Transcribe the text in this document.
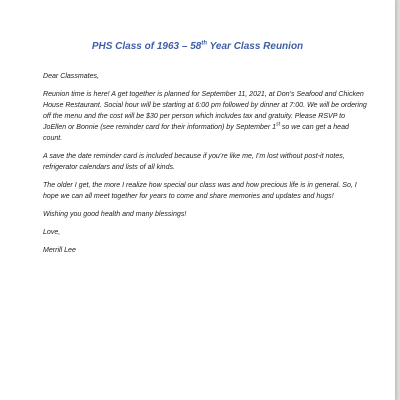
PHS Class of 1963 – 58th Year Class Reunion

Dear Classmates,

Reunion time is here! A get together is planned for September 11, 2021, at Don’s Seafood and Chicken House Restaurant. Social hour will be starting at 6:00 pm followed by dinner at 7:00. We will be ordering off the menu and the cost will be $30 per person which includes tax and gratuity. Please RSVP to JoEllen or Bonnie (see reminder card for their information) by September 1st so we can get a head count.

A save the date reminder card is included because if you’re like me, I’m lost without post-it notes, refrigerator calendars and lists of all kinds.

The older I get, the more I realize how special our class was and how precious life is in general. So, I hope we can all meet together for years to come and share memories and updates and hugs!

Wishing you good health and many blessings!

Love,

Merrill Lee
